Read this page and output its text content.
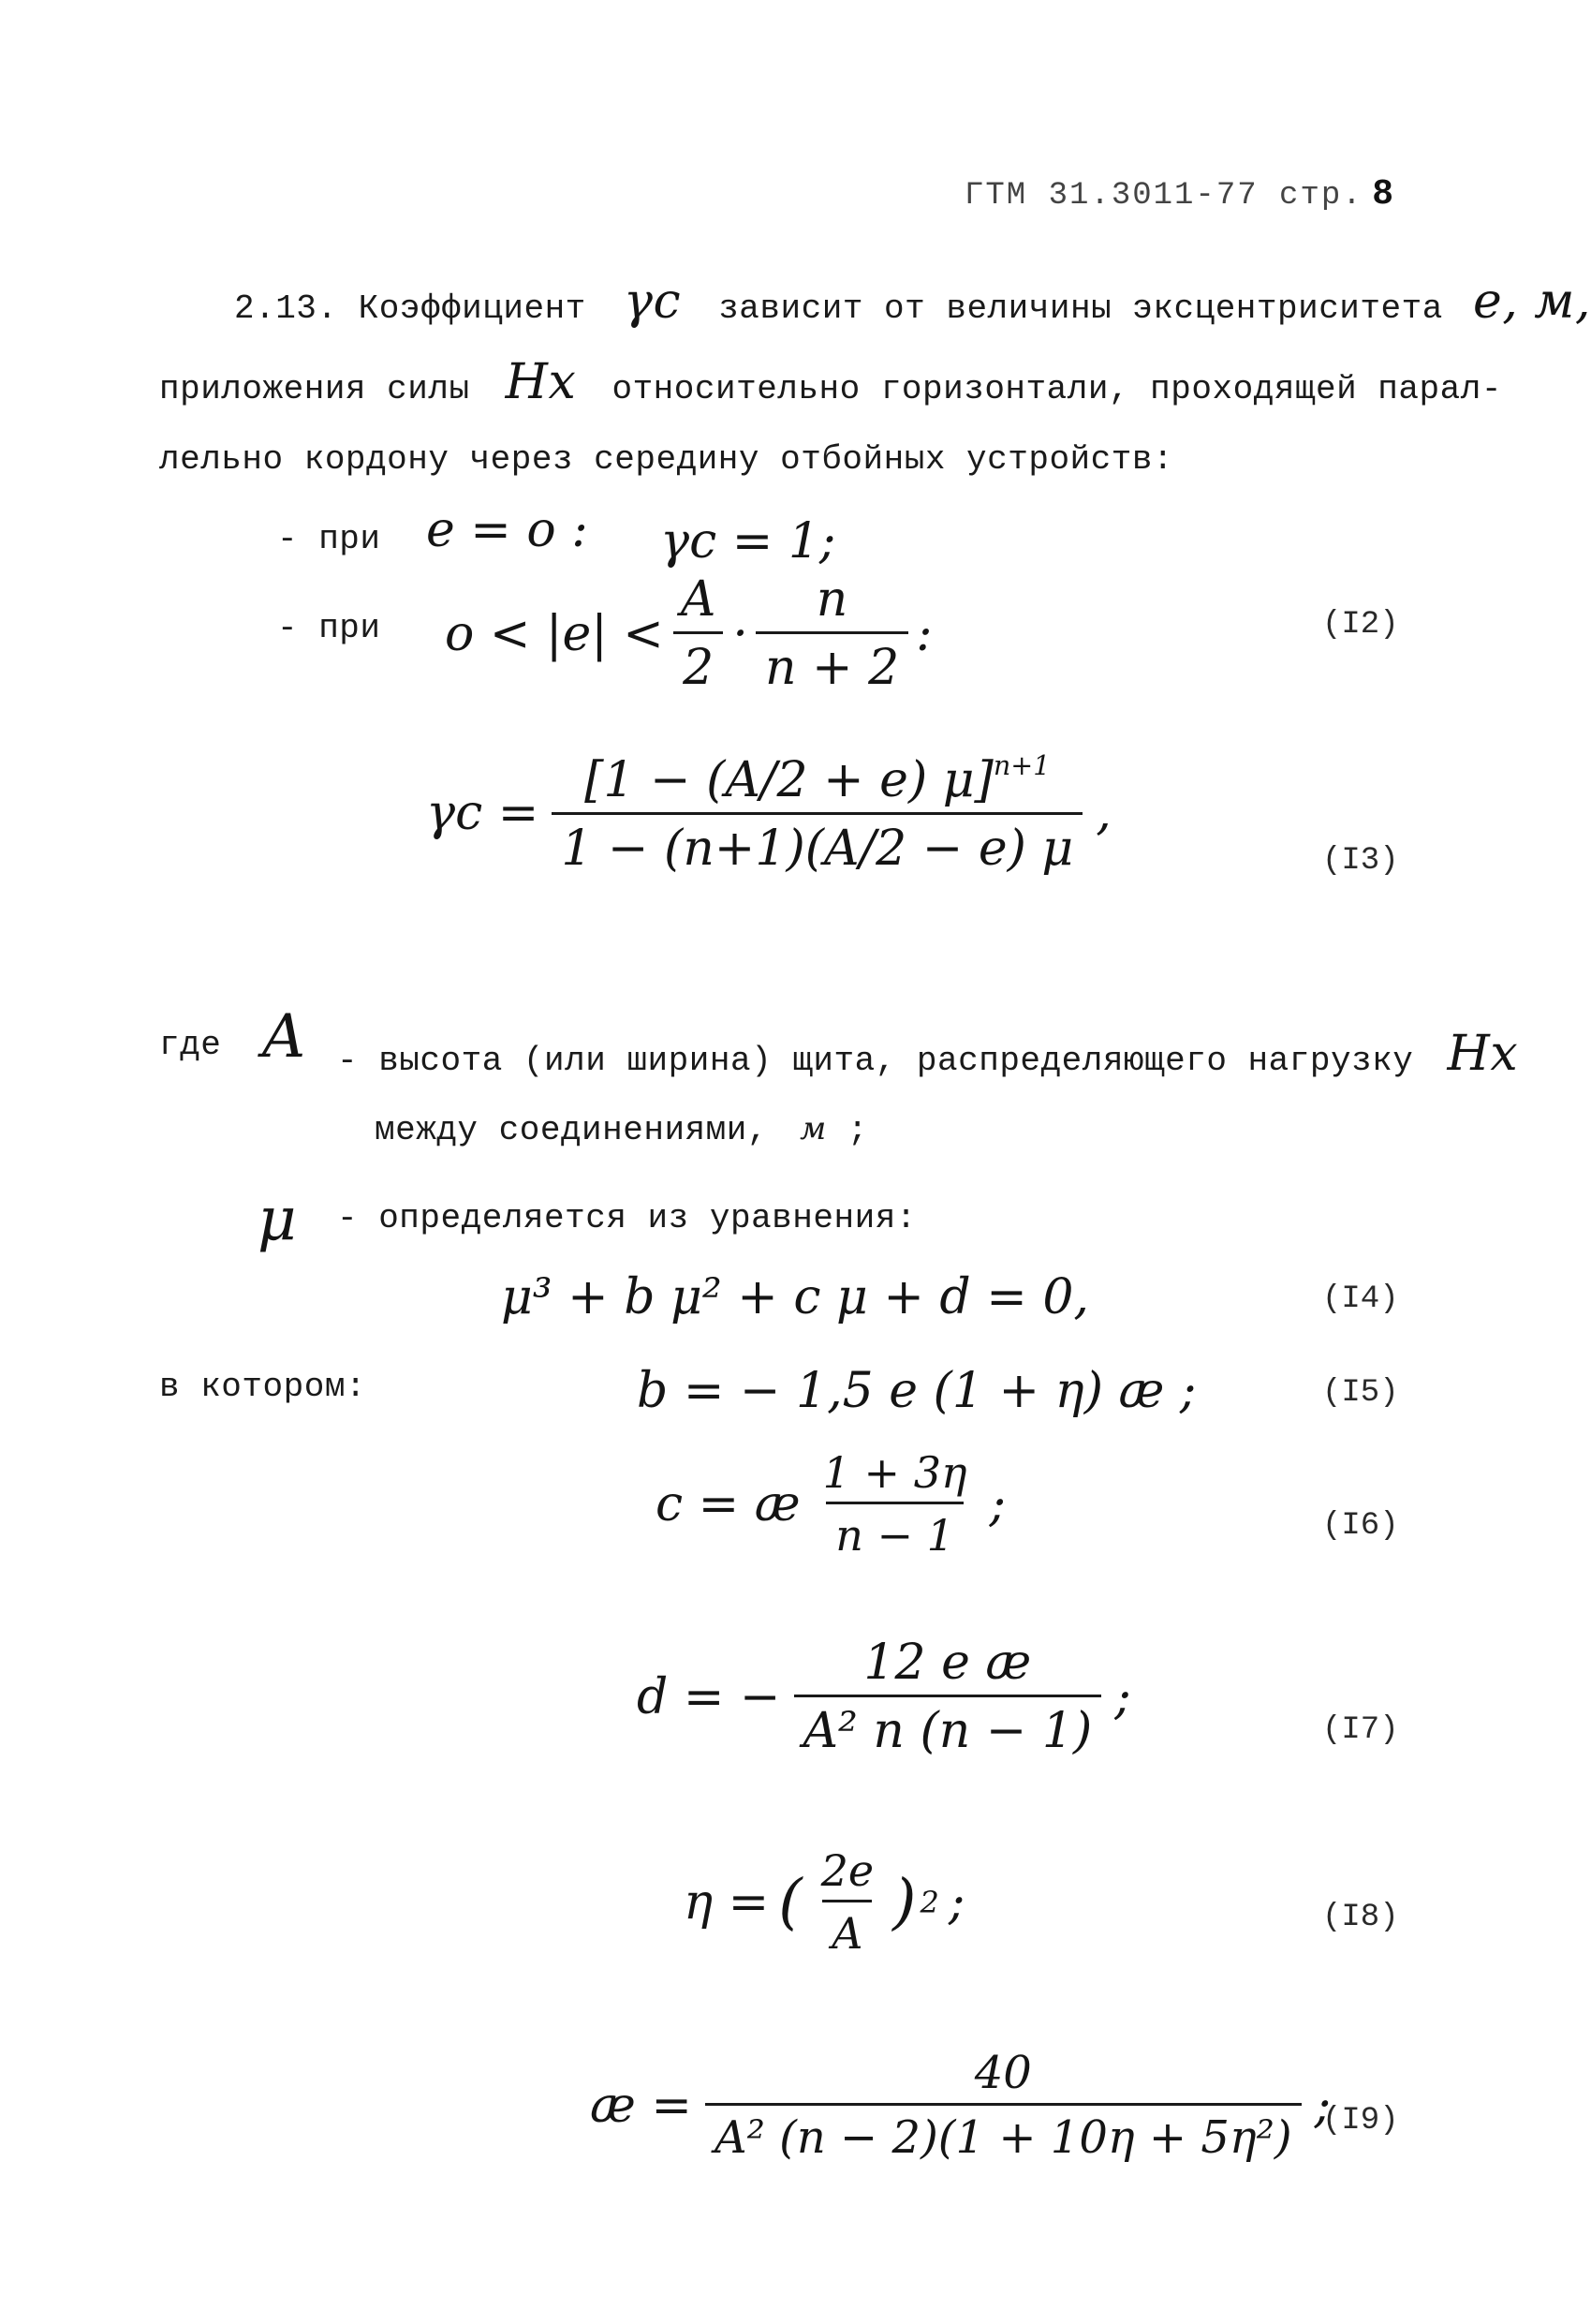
ГТМ 31.3011-77 стр. 8
2.13. Коэффициент γc зависит от величины эксцентриситета e, м,
приложения силы Hx относительно горизонтали, проходящей парал-
лельно кордону через середину отбойных устройств:
- при e = o : γc = 1;
- при $o < |e| < \frac{A}{2} \cdot \frac{n}{n + 2}$ :	(I2)
$\gamma c = \frac{[1 - (A/2 + e) \mu]^{n+1}}{1 - (n+1)(A/2 - e) \mu}$ ,
(I3)
где A - высота (или ширина) щита, распределяющего нагрузку Hx
между соединениями, м ;
μ - определяется из уравнения:
μ³ + b μ² + c μ + d = 0,	(I4)
в котором:	b = − 1,5 e (1 + η) æ ;	(I5)
c = æ $\frac{1 + 3\eta}{n - 1}$ ;	(I6)
d = − $\frac{\text{12 e æ}}{\text{A² n (n − 1)}}$ ;
(I7)
η = ( $\frac{2e}{A}$ ) 2 ;	(I8)
æ = $\frac{40}{\text{A² (n − 2)(1 + 10η + 5η²)}}$ ;
(I9)
